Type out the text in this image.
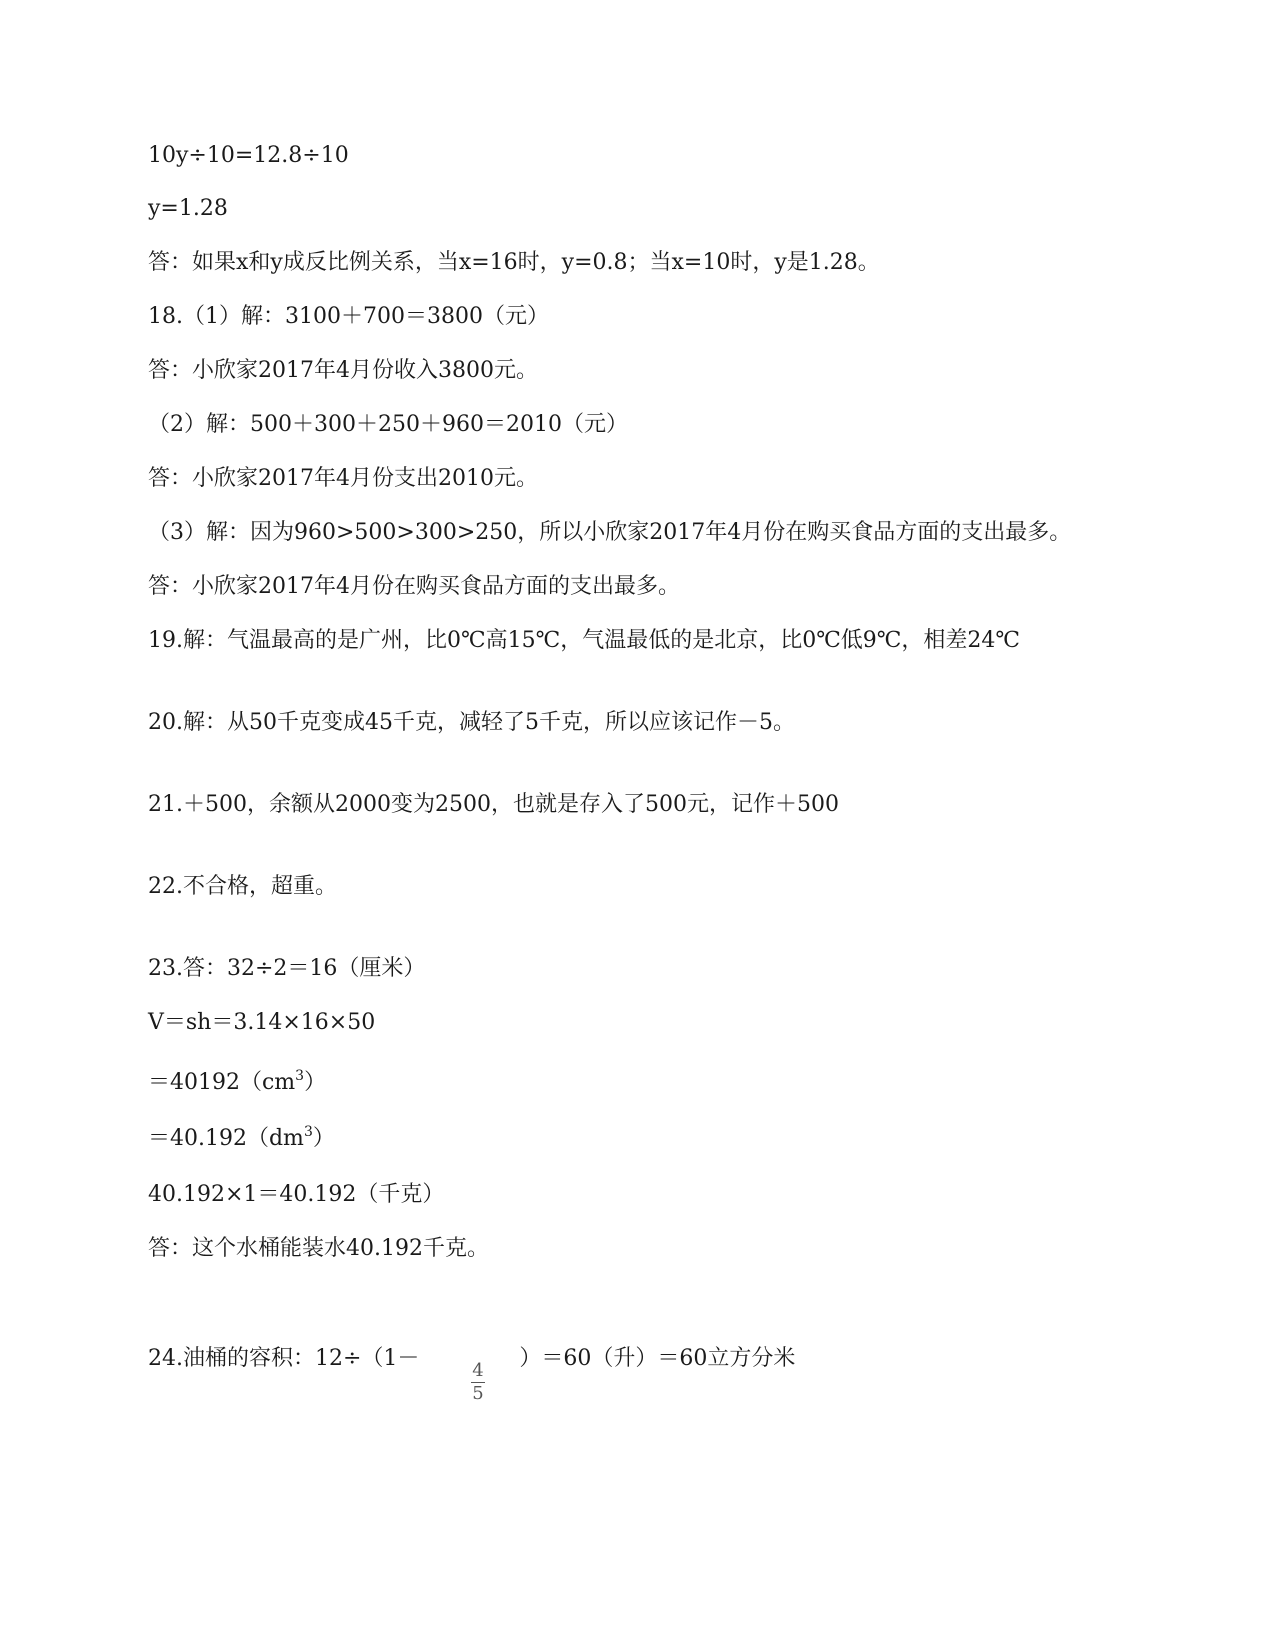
10y÷10=12.8÷10
y=1.28
答：如果x和y成反比例关系，当x=16时，y=0.8；当x=10时，y是1.28。
18.（1）解：3100＋700＝3800（元）
答：小欣家2017年4月份收入3800元。
（2）解：500＋300＋250＋960＝2010（元）
答：小欣家2017年4月份支出2010元。
（3）解：因为960>500>300>250，所以小欣家2017年4月份在购买食品方面的支出最多。
答：小欣家2017年4月份在购买食品方面的支出最多。
19.解：气温最高的是广州，比0℃高15℃，气温最低的是北京，比0℃低9℃，相差24℃
20.解：从50千克变成45千克，减轻了5千克，所以应该记作－5。
21.＋500，余额从2000变为2500，也就是存入了500元，记作＋500
22.不合格，超重。
23.答：32÷2＝16（厘米）
V＝sh＝3.14×16×50
$=40192(cm^3)$
$=40.192(dm^3)$
40.192×1＝40.192（千克）
答：这个水桶能装水40.192千克。
24.油桶的容积：12÷（1－	）＝60（升）＝60立方分米
4
5
